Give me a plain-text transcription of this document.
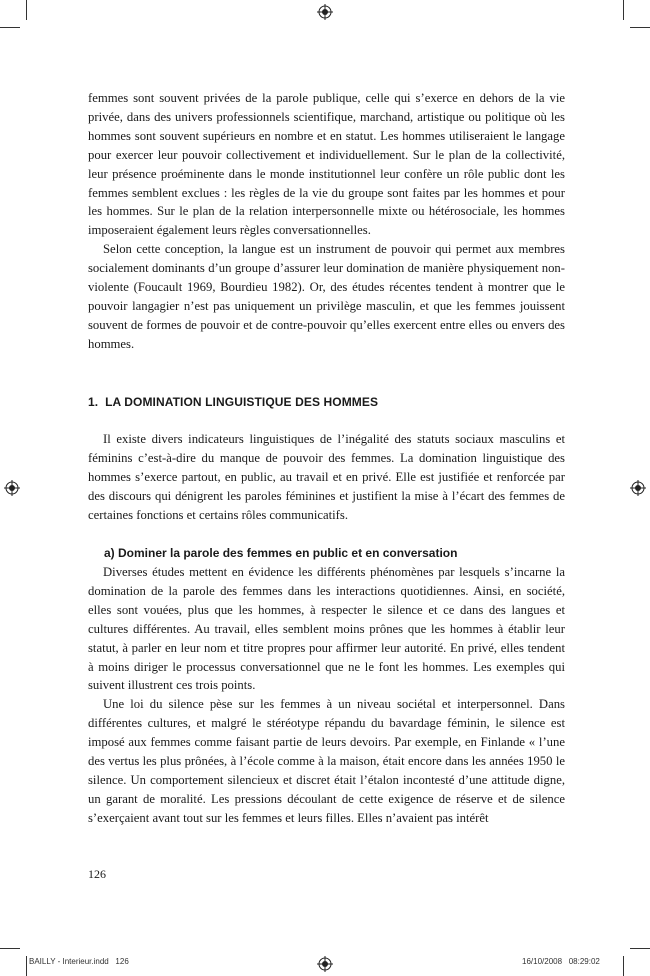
femmes sont souvent privées de la parole publique, celle qui s’exerce en dehors de la vie privée, dans des univers professionnels scientifique, marchand, artistique ou politique où les hommes sont souvent supérieurs en nombre et en statut. Les hommes utiliseraient le langage pour exercer leur pouvoir collectivement et individuellement. Sur le plan de la collectivité, leur présence proéminente dans le monde institutionnel leur confère un rôle public dont les femmes semblent exclues : les règles de la vie du groupe sont faites par les hommes et pour les hommes. Sur le plan de la relation interpersonnelle mixte ou hétérosociale, les hommes imposeraient également leurs règles conversationnelles.

Selon cette conception, la langue est un instrument de pouvoir qui permet aux membres socialement dominants d’un groupe d’assurer leur domination de manière physiquement non-violente (Foucault 1969, Bourdieu 1982). Or, des études récentes tendent à montrer que le pouvoir langagier n’est pas uniquement un privilège masculin, et que les femmes jouissent souvent de formes de pouvoir et de contre-pouvoir qu’elles exercent entre elles ou envers des hommes.

1.  LA DOMINATION LINGUISTIQUE DES HOMMES

Il existe divers indicateurs linguistiques de l’inégalité des statuts sociaux masculins et féminins c’est-à-dire du manque de pouvoir des femmes. La domination linguistique des hommes s’exerce partout, en public, au travail et en privé. Elle est justifiée et renforcée par des discours qui dénigrent les paroles féminines et justifient la mise à l’écart des femmes de certaines fonctions et certains rôles communicatifs.

a) Dominer la parole des femmes en public et en conversation

Diverses études mettent en évidence les différents phénomènes par lesquels s’incarne la domination de la parole des femmes dans les interactions quotidiennes. Ainsi, en société, elles sont vouées, plus que les hommes, à respecter le silence et ce dans des langues et cultures différentes. Au travail, elles semblent moins prônes que les hommes à établir leur statut, à parler en leur nom et titre propres pour affirmer leur autorité. En privé, elles tendent à moins diriger le processus conversationnel que ne le font les hommes. Les exemples qui suivent illustrent ces trois points.

Une loi du silence pèse sur les femmes à un niveau sociétal et interpersonnel. Dans différentes cultures, et malgré le stéréotype répandu du bavardage féminin, le silence est imposé aux femmes comme faisant partie de leurs devoirs. Par exemple, en Finlande « l’une des vertus les plus prônées, à l’école comme à la maison, était encore dans les années 1950 le silence. Un comportement silencieux et discret était l’étalon incontesté d’une attitude digne, un garant de moralité. Les pressions découlant de cette exigence de réserve et de silence s’exerçaient avant tout sur les femmes et leurs filles. Elles n’avaient pas intérêt

126
BAILLY - Interieur.indd   126	16/10/2008   08:29:02
